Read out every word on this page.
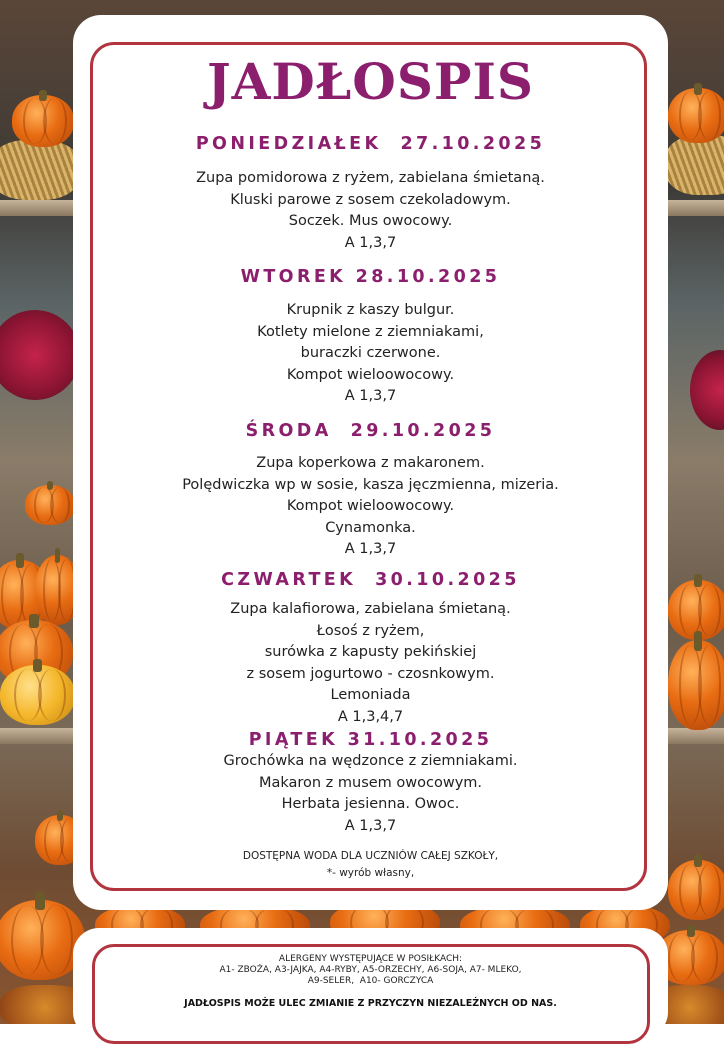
JADŁOSPIS
PONIEDZIAŁEK  27.10.2025
Zupa pomidorowa z ryżem, zabielana śmietaną.
Kluski parowe z sosem czekoladowym.
Soczek. Mus owocowy.
A 1,3,7
WTOREK 28.10.2025
Krupnik z kaszy bulgur.
Kotlety mielone z ziemniakami,
buraczki czerwone.
Kompot wieloowocowy.
A 1,3,7
ŚRODA  29.10.2025
Zupa koperkowa z makaronem.
Polędwiczka wp w sosie, kasza jęczmienna, mizeria.
Kompot wieloowocowy.
Cynamonka.
A 1,3,7
CZWARTEK  30.10.2025
Zupa kalafiorowa, zabielana śmietaną.
Łosoś z ryżem,
surówka z kapusty pekińskiej
z sosem jogurtowo - czosnkowym.
Lemoniada
A 1,3,4,7
PIĄTEK 31.10.2025
Grochówka na wędzonce z ziemniakami.
Makaron z musem owocowym.
Herbata jesienna. Owoc.
A 1,3,7
DOSTĘPNA WODA DLA UCZNIÓW CAŁEJ SZKOŁY,
*- wyrób własny,
ALERGENY WYSTĘPUJĄCE W POSIŁKACH:
A1- ZBOŻA, A3-JAJKA, A4-RYBY, A5-ORZECHY, A6-SOJA, A7- MLEKO,
A9-SELER,  A10- GORCZYCA
JADŁOSPIS MOŻE ULEC ZMIANIE Z PRZYCZYN NIEZALEŻNYCH OD NAS.
